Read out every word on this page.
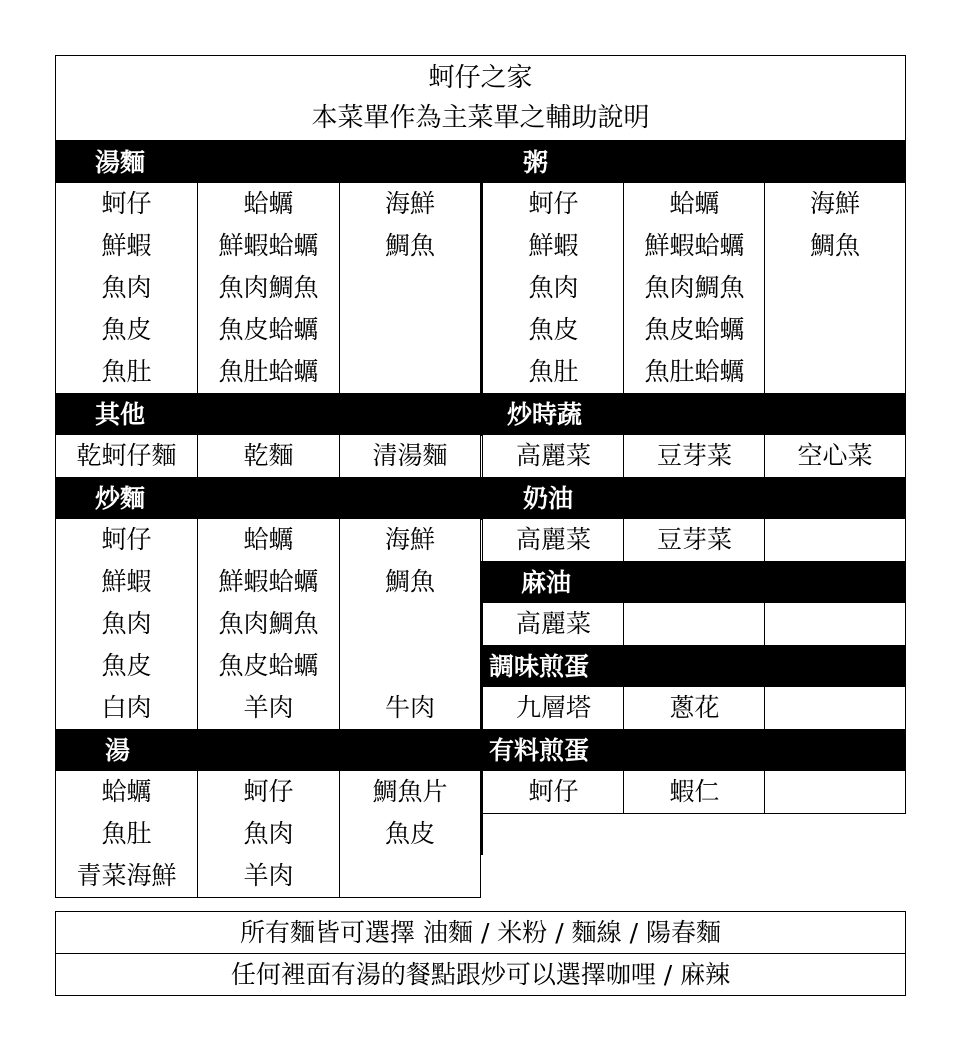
蚵仔之家
本菜單作為主菜單之輔助說明
湯麵
蚵仔	蛤蠣	海鮮
鮮蝦	鮮蝦蛤蠣	鯛魚
魚肉	魚肉鯛魚
魚皮	魚皮蛤蠣
魚肚	魚肚蛤蠣
其他
乾蚵仔麵	乾麵	清湯麵
炒麵
蚵仔	蛤蠣	海鮮
鮮蝦	鮮蝦蛤蠣	鯛魚
魚肉	魚肉鯛魚
魚皮	魚皮蛤蠣
白肉	羊肉	牛肉
湯
蛤蠣	蚵仔	鯛魚片
魚肚	魚肉	魚皮
青菜海鮮	羊肉
粥
蚵仔	蛤蠣	海鮮
鮮蝦	鮮蝦蛤蠣	鯛魚
魚肉	魚肉鯛魚
魚皮	魚皮蛤蠣
魚肚	魚肚蛤蠣
炒時蔬
高麗菜	豆芽菜	空心菜
奶油
高麗菜	豆芽菜
麻油
高麗菜
調味煎蛋
九層塔	蔥花
有料煎蛋
蚵仔	蝦仁
所有麵皆可選擇 油麵 / 米粉 / 麵線 / 陽春麵
任何裡面有湯的餐點跟炒可以選擇咖哩 / 麻辣
